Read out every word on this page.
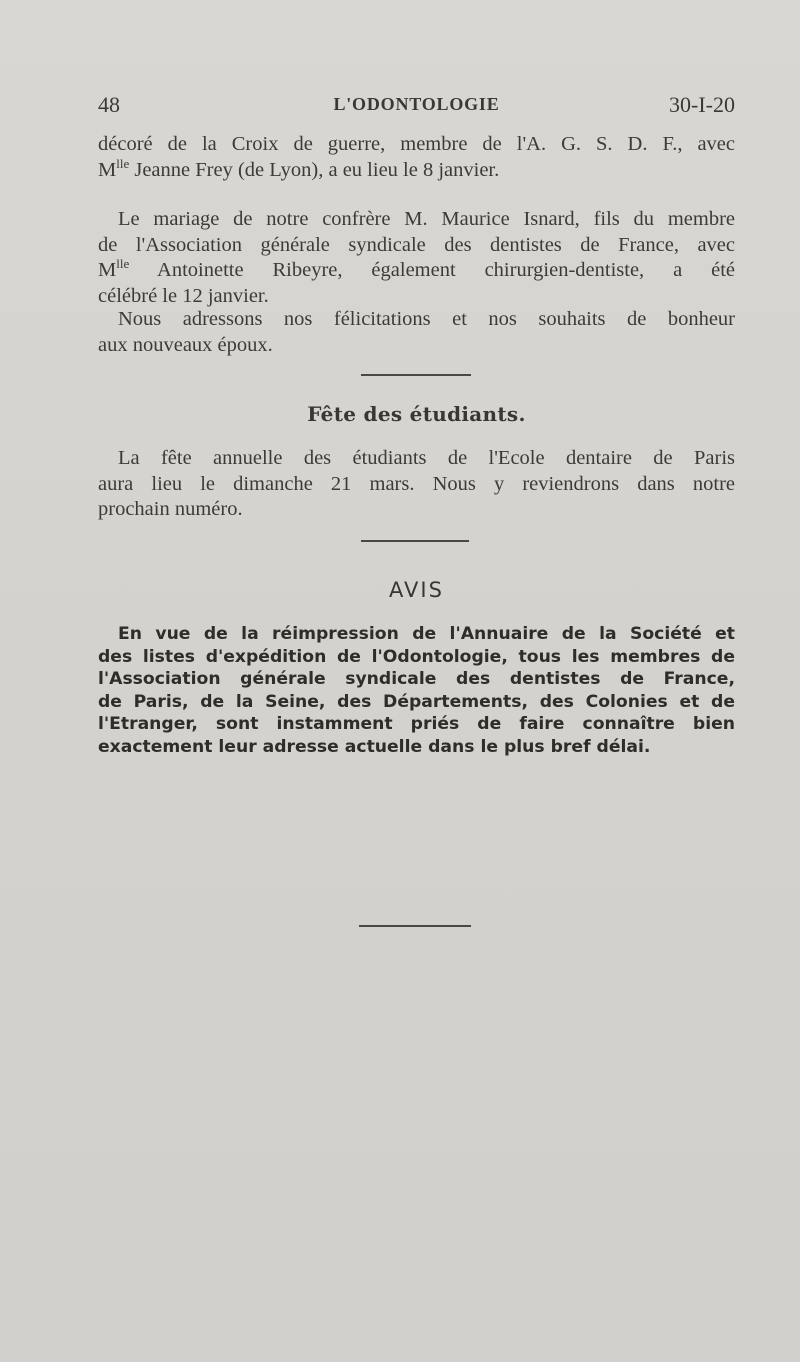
48	L'ODONTOLOGIE	30-I-20

décoré de la Croix de guerre, membre de l'A. G. S. D. F., avec
$M^{lle}$ Jeanne Frey (de Lyon), a eu lieu le 8 janvier.

Le mariage de notre confrère M. Maurice Isnard, fils du membre
de l'Association générale syndicale des dentistes de France, avec
$M^{lle}$ Antoinette Ribeyre, également chirurgien-dentiste, a été
célébré le 12 janvier.

Nous adressons nos félicitations et nos souhaits de bonheur
aux nouveaux époux.

Fête des étudiants.

La fête annuelle des étudiants de l'Ecole dentaire de Paris
aura lieu le dimanche 21 mars. Nous y reviendrons dans notre
prochain numéro.

AVIS

En vue de la réimpression de l'Annuaire de la Société et
des listes d'expédition de l'Odontologie, tous les membres de
l'Association générale syndicale des dentistes de France,
de Paris, de la Seine, des Départements, des Colonies et de
l'Etranger, sont instamment priés de faire connaître bien
exactement leur adresse actuelle dans le plus bref délai.
